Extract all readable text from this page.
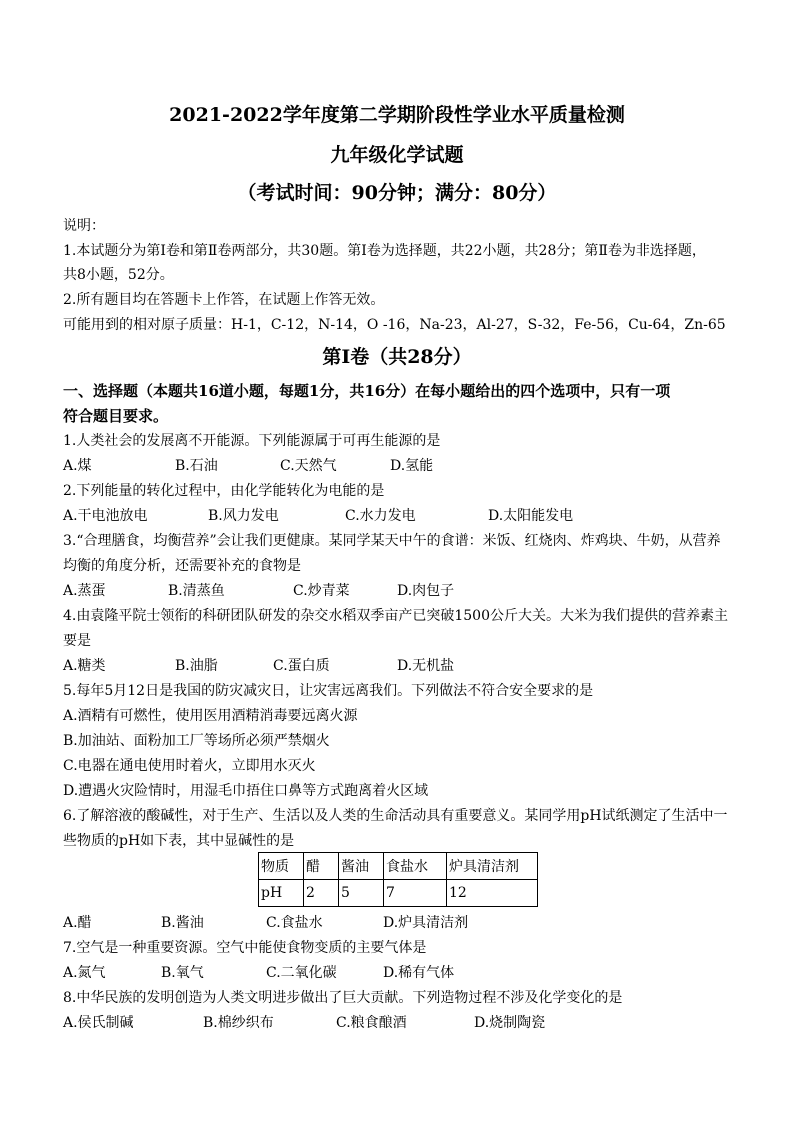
2021-2022学年度第二学期阶段性学业水平质量检测
九年级化学试题
（考试时间：90分钟；满分：80分）
说明：
1.本试题分为第Ⅰ卷和第Ⅱ卷两部分，共30题。第Ⅰ卷为选择题，共22小题，共28分；第Ⅱ卷为非选择题，
共8小题，52分。
2.所有题目均在答题卡上作答，在试题上作答无效。
可能用到的相对原子质量：H-1，C-12，N-14，O -16，Na-23，Al-27，S-32，Fe-56，Cu-64，Zn-65
第Ⅰ卷（共28分）
一、选择题（本题共16道小题，每题1分，共16分）在每小题给出的四个选项中，只有一项
符合题目要求。
1.人类社会的发展离不开能源。下列能源属于可再生能源的是
A.煤	B.石油	C.天然气	D.氢能
2.下列能量的转化过程中，由化学能转化为电能的是
A.干电池放电	B.风力发电	C.水力发电	D.太阳能发电
3.“合理膳食，均衡营养”会让我们更健康。某同学某天中午的食谱：米饭、红烧肉、炸鸡块、牛奶，从营养
均衡的角度分析，还需要补充的食物是
A.蒸蛋	B.清蒸鱼	C.炒青菜	D.肉包子
4.由袁隆平院士领衔的科研团队研发的杂交水稻双季亩产已突破1500公斤大关。大米为我们提供的营养素主
要是
A.糖类	B.油脂	C.蛋白质	D.无机盐
5.每年5月12日是我国的防灾减灾日，让灾害远离我们。下列做法不符合安全要求的是
A.酒精有可燃性，使用医用酒精消毒要远离火源
B.加油站、面粉加工厂等场所必须严禁烟火
C.电器在通电使用时着火，立即用水灭火
D.遭遇火灾险情时，用湿毛巾捂住口鼻等方式跑离着火区域
6.了解溶液的酸碱性，对于生产、生活以及人类的生命活动具有重要意义。某同学用pH试纸测定了生活中一
些物质的pH如下表，其中显碱性的是
物质	醋	酱油	食盐水	炉具清洁剂
pH	2	5	7	12
A.醋	B.酱油	C.食盐水	D.炉具清洁剂
7.空气是一种重要资源。空气中能使食物变质的主要气体是
A.氮气	B.氧气	C.二氧化碳	D.稀有气体
8.中华民族的发明创造为人类文明进步做出了巨大贡献。下列造物过程不涉及化学变化的是
A.侯氏制碱	B.棉纱织布	C.粮食酿酒	D.烧制陶瓷
